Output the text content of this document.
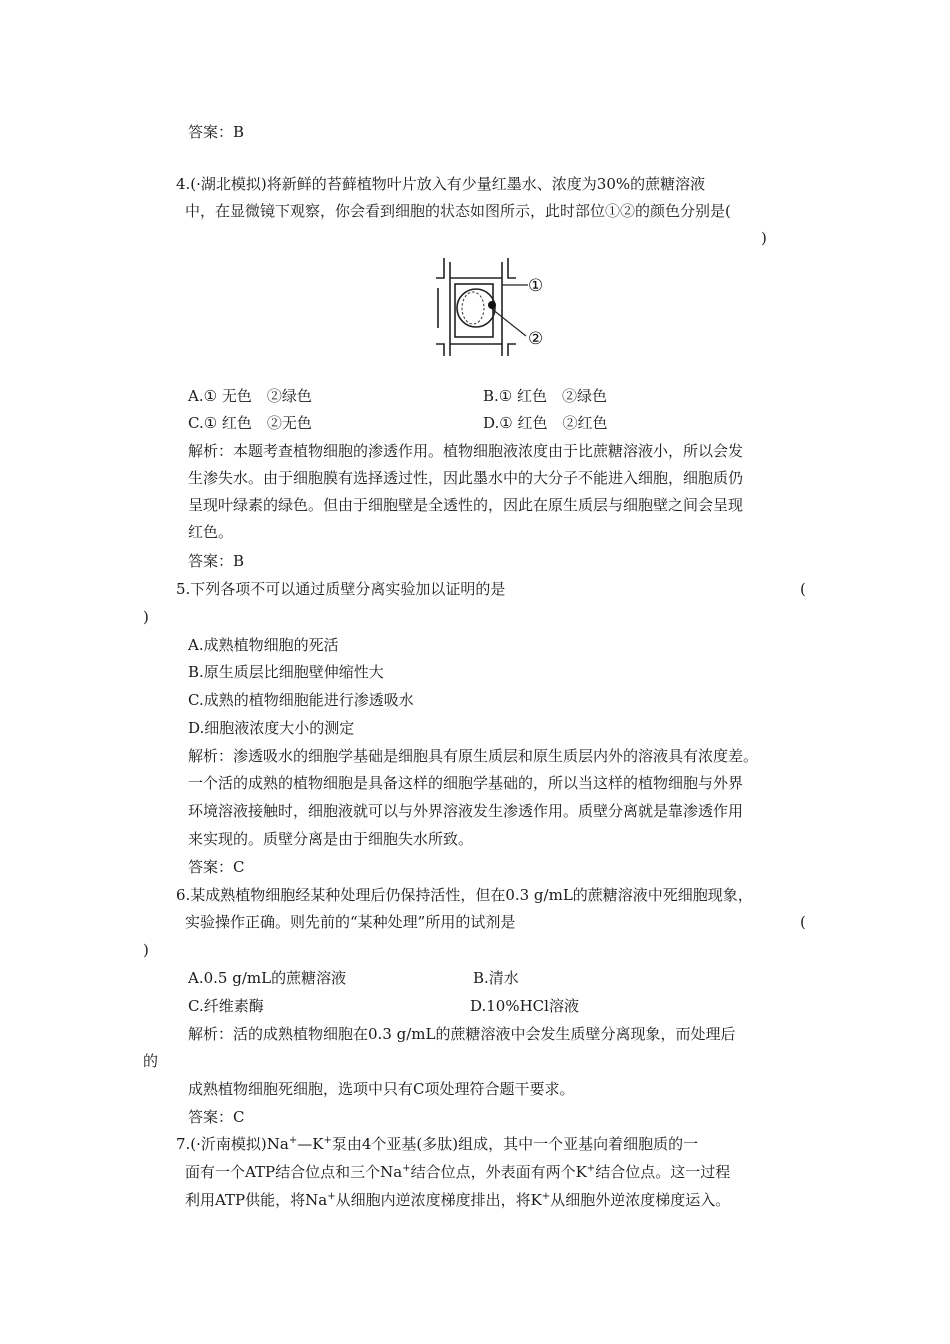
答案：B
4.(·湖北模拟)将新鲜的苔藓植物叶片放入有少量红墨水、浓度为30%的蔗糖溶液
中，在显微镜下观察，你会看到细胞的状态如图所示，此时部位①②的颜色分别是(
)
①
②
A.① 无色　②绿色	B.① 红色　②绿色
C.① 红色　②无色	D.① 红色　②红色
解析：本题考查植物细胞的渗透作用。植物细胞液浓度由于比蔗糖溶液小，所以会发
生渗失水。由于细胞膜有选择透过性，因此墨水中的大分子不能进入细胞，细胞质仍
呈现叶绿素的绿色。但由于细胞壁是全透性的，因此在原生质层与细胞壁之间会呈现
红色。
答案：B
5.下列各项不可以通过质壁分离实验加以证明的是	(
)
A.成熟植物细胞的死活
B.原生质层比细胞壁伸缩性大
C.成熟的植物细胞能进行渗透吸水
D.细胞液浓度大小的测定
解析：渗透吸水的细胞学基础是细胞具有原生质层和原生质层内外的溶液具有浓度差。
一个活的成熟的植物细胞是具备这样的细胞学基础的，所以当这样的植物细胞与外界
环境溶液接触时，细胞液就可以与外界溶液发生渗透作用。质壁分离就是靠渗透作用
来实现的。质壁分离是由于细胞失水所致。
答案：C
6.某成熟植物细胞经某种处理后仍保持活性，但在0.3 g/mL的蔗糖溶液中死细胞现象，
实验操作正确。则先前的“某种处理”所用的试剂是	(
)
A.0.5 g/mL的蔗糖溶液	B.清水
C.纤维素酶	D.10%HCl溶液
解析：活的成熟植物细胞在0.3 g/mL的蔗糖溶液中会发生质壁分离现象，而处理后
的
成熟植物细胞死细胞，选项中只有C项处理符合题干要求。
答案：C
7.(·沂南模拟)Na+—K+泵由4个亚基(多肽)组成，其中一个亚基向着细胞质的一
面有一个ATP结合位点和三个Na+结合位点，外表面有两个K+结合位点。这一过程
利用ATP供能，将Na+从细胞内逆浓度梯度排出，将K+从细胞外逆浓度梯度运入。
